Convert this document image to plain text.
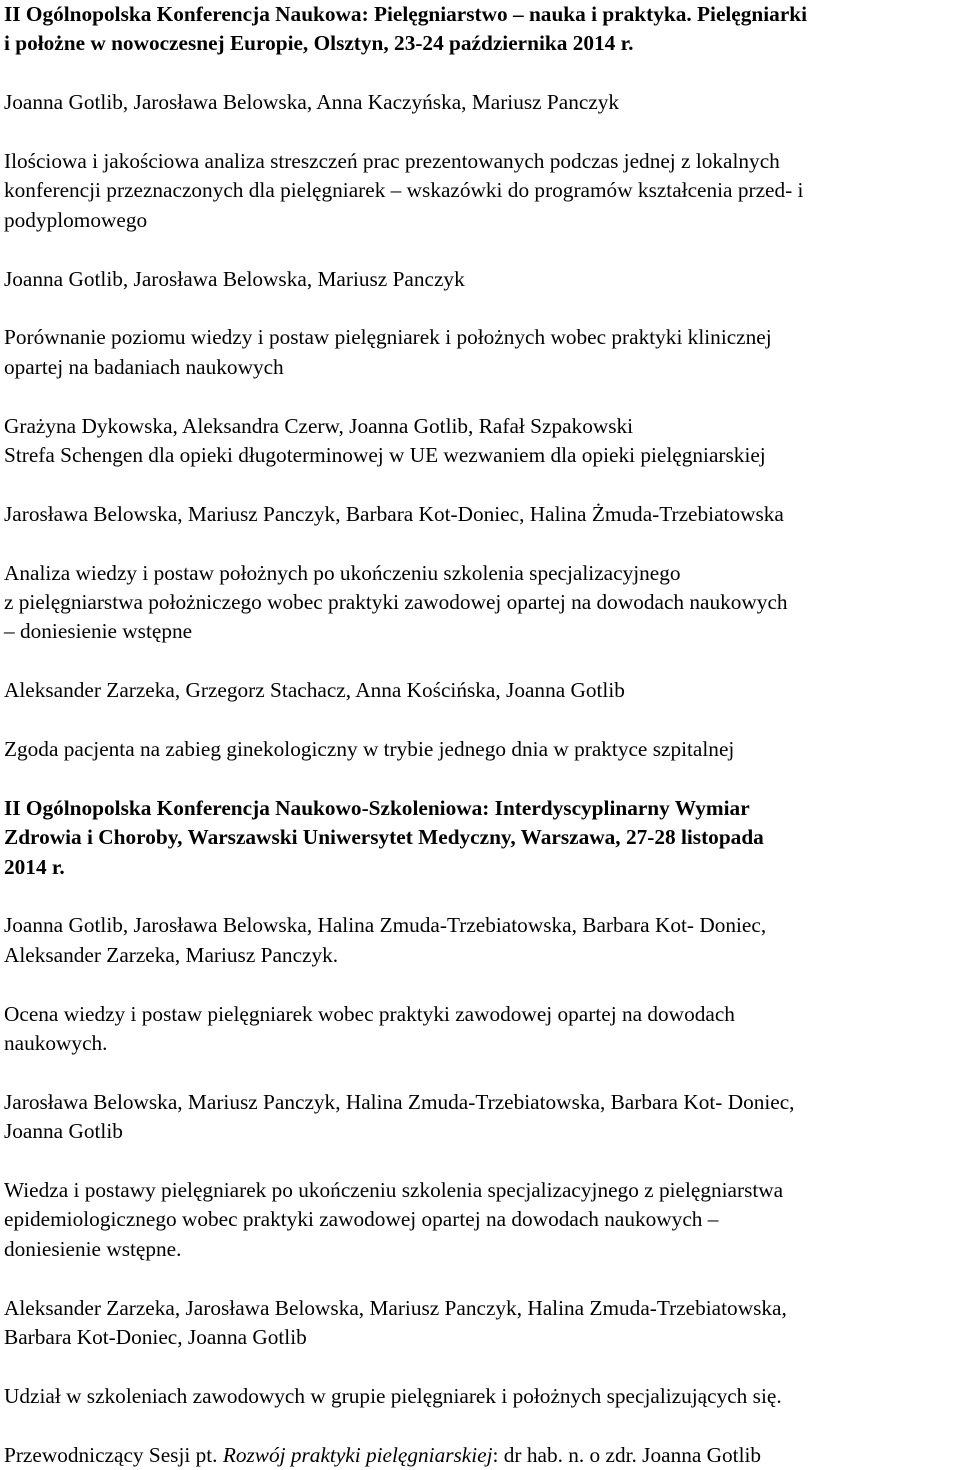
II Ogólnopolska Konferencja Naukowa: Pielęgniarstwo – nauka i praktyka. Pielęgniarki
i położne w nowoczesnej Europie, Olsztyn, 23-24 października 2014 r.
Joanna Gotlib, Jarosława Belowska, Anna Kaczyńska, Mariusz Panczyk
Ilościowa i jakościowa analiza streszczeń prac prezentowanych podczas jednej z lokalnych
konferencji przeznaczonych dla pielęgniarek – wskazówki do programów kształcenia przed- i
podyplomowego
Joanna Gotlib, Jarosława Belowska, Mariusz Panczyk
Porównanie poziomu wiedzy i postaw pielęgniarek i położnych wobec praktyki klinicznej
opartej na badaniach naukowych
Grażyna Dykowska, Aleksandra Czerw, Joanna Gotlib, Rafał Szpakowski
Strefa Schengen dla opieki długoterminowej w UE wezwaniem dla opieki pielęgniarskiej
Jarosława Belowska, Mariusz Panczyk, Barbara Kot-Doniec, Halina Żmuda-Trzebiatowska
Analiza wiedzy i postaw położnych po ukończeniu szkolenia specjalizacyjnego
z pielęgniarstwa położniczego wobec praktyki zawodowej opartej na dowodach naukowych
– doniesienie wstępne
Aleksander Zarzeka, Grzegorz Stachacz, Anna Kościńska, Joanna Gotlib
Zgoda pacjenta na zabieg ginekologiczny w trybie jednego dnia w praktyce szpitalnej
II Ogólnopolska Konferencja Naukowo-Szkoleniowa: Interdyscyplinarny Wymiar
Zdrowia i Choroby, Warszawski Uniwersytet Medyczny, Warszawa, 27-28 listopada
2014 r.
Joanna Gotlib, Jarosława Belowska, Halina Zmuda-Trzebiatowska, Barbara Kot- Doniec,
Aleksander Zarzeka, Mariusz Panczyk.
Ocena wiedzy i postaw pielęgniarek wobec praktyki zawodowej opartej na dowodach
naukowych.
Jarosława Belowska, Mariusz Panczyk, Halina Zmuda-Trzebiatowska, Barbara Kot- Doniec,
Joanna Gotlib
Wiedza i postawy pielęgniarek po ukończeniu szkolenia specjalizacyjnego z pielęgniarstwa
epidemiologicznego wobec praktyki zawodowej opartej na dowodach naukowych –
doniesienie wstępne.
Aleksander Zarzeka, Jarosława Belowska, Mariusz Panczyk, Halina Zmuda-Trzebiatowska,
Barbara Kot-Doniec, Joanna Gotlib
Udział w szkoleniach zawodowych w grupie pielęgniarek i położnych specjalizujących się.
Przewodniczący Sesji pt. Rozwój praktyki pielęgniarskiej: dr hab. n. o zdr. Joanna Gotlib
